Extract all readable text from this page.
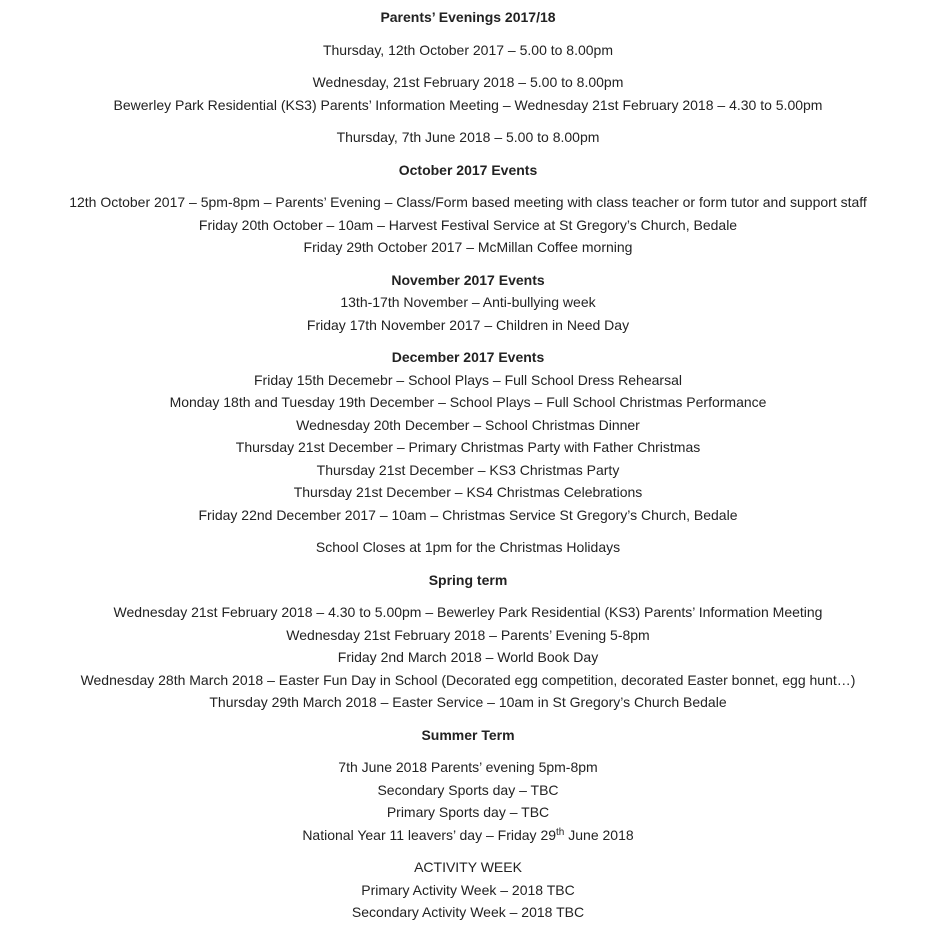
Parents’ Evenings 2017/18
Thursday, 12th October 2017 – 5.00 to 8.00pm
Wednesday, 21st February 2018 – 5.00 to 8.00pm
Bewerley Park Residential (KS3) Parents’ Information Meeting – Wednesday 21st February 2018 – 4.30 to 5.00pm
Thursday, 7th June 2018 – 5.00 to 8.00pm
October 2017 Events
12th October 2017 – 5pm-8pm – Parents’ Evening – Class/Form based meeting with class teacher or form tutor and support staff
Friday 20th October – 10am – Harvest Festival Service at St Gregory’s Church, Bedale
Friday 29th October 2017 – McMillan Coffee morning
November 2017 Events
13th-17th November – Anti-bullying week
Friday 17th November 2017 – Children in Need Day
December 2017 Events
Friday 15th Decemebr – School Plays – Full School Dress Rehearsal
Monday 18th and Tuesday 19th December – School Plays – Full School Christmas Performance
Wednesday 20th December – School Christmas Dinner
Thursday 21st December – Primary Christmas Party with Father Christmas
Thursday 21st December – KS3 Christmas Party
Thursday 21st December – KS4 Christmas Celebrations
Friday 22nd December 2017 – 10am – Christmas Service St Gregory’s Church, Bedale
School Closes at 1pm for the Christmas Holidays
Spring term
Wednesday 21st February 2018 – 4.30 to 5.00pm – Bewerley Park Residential (KS3) Parents’ Information Meeting
Wednesday 21st February 2018 – Parents’ Evening 5-8pm
Friday 2nd March 2018 – World Book Day
Wednesday 28th March 2018 – Easter Fun Day in School (Decorated egg competition, decorated Easter bonnet, egg hunt…)
Thursday 29th March 2018 – Easter Service – 10am in St Gregory’s Church Bedale
Summer Term
7th June 2018 Parents’ evening 5pm-8pm
Secondary Sports day – TBC
Primary Sports day – TBC
National Year 11 leavers’ day – Friday 29th June 2018
ACTIVITY WEEK
Primary Activity Week – 2018 TBC
Secondary Activity Week – 2018 TBC
